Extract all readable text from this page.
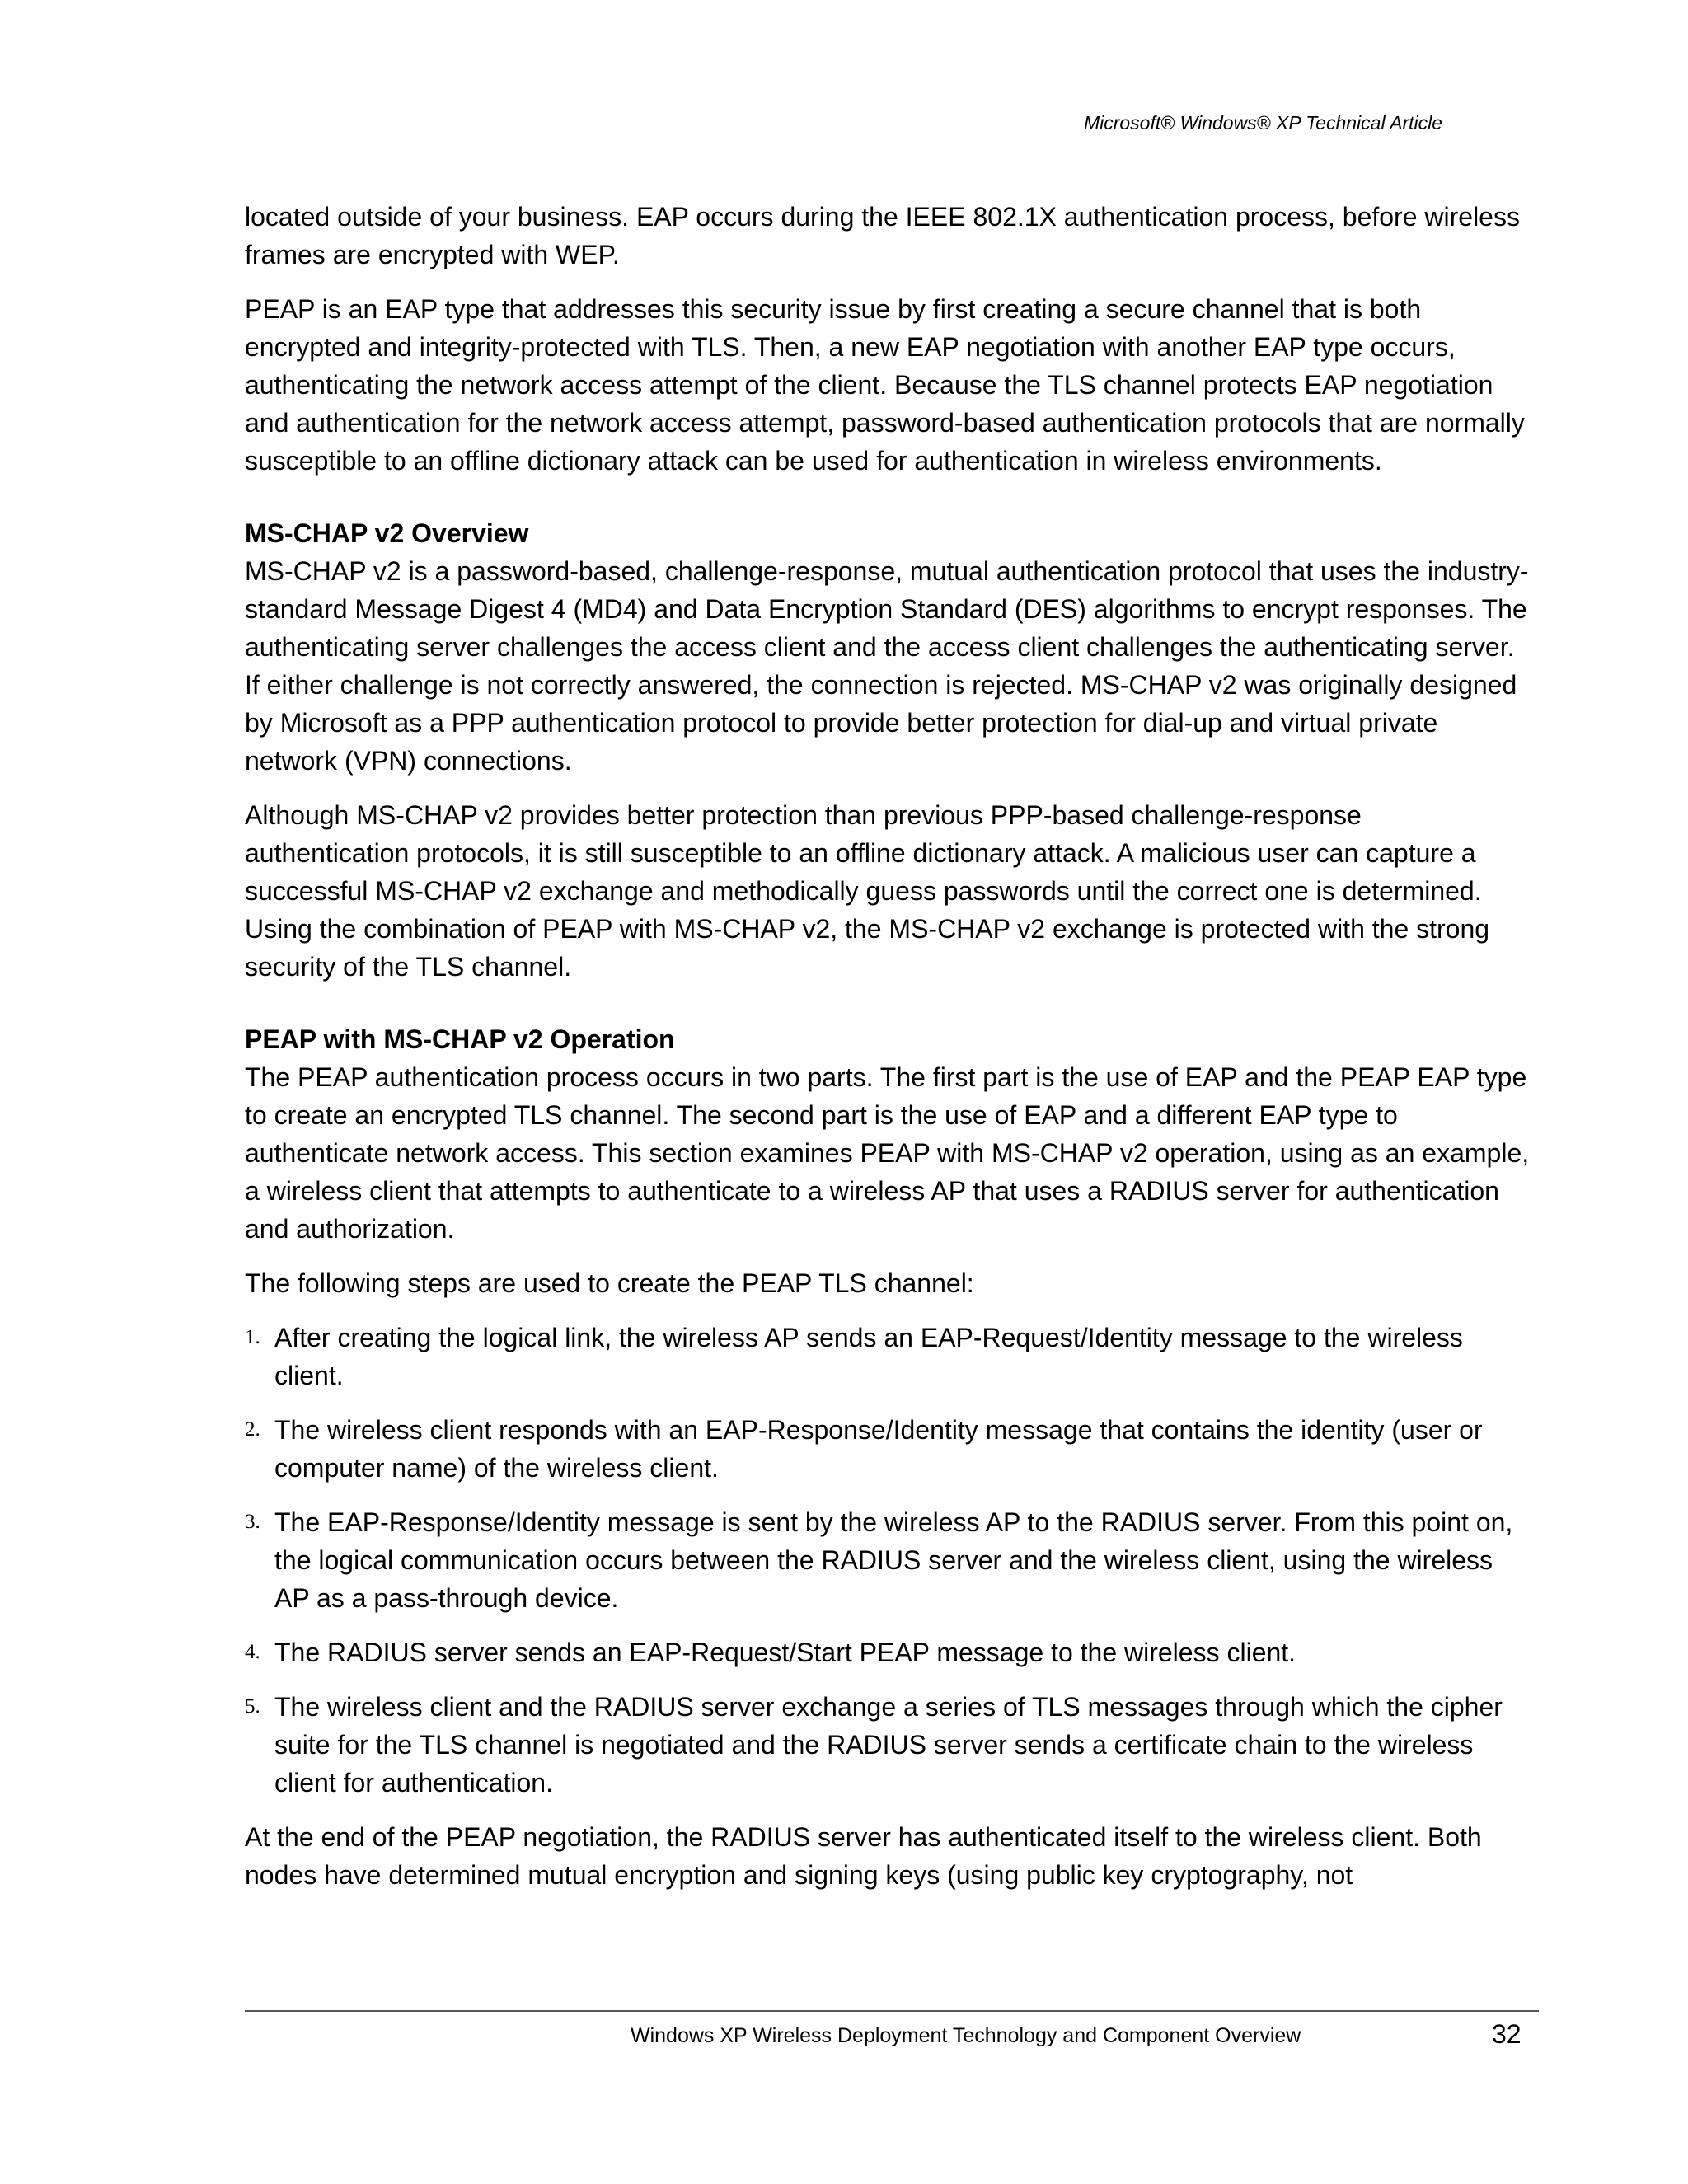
Microsoft® Windows® XP Technical Article

located outside of your business. EAP occurs during the IEEE 802.1X authentication process, before wireless frames are encrypted with WEP.

PEAP is an EAP type that addresses this security issue by first creating a secure channel that is both encrypted and integrity-protected with TLS. Then, a new EAP negotiation with another EAP type occurs, authenticating the network access attempt of the client. Because the TLS channel protects EAP negotiation and authentication for the network access attempt, password-based authentication protocols that are normally susceptible to an offline dictionary attack can be used for authentication in wireless environments.

MS-CHAP v2 Overview

MS-CHAP v2 is a password-based, challenge-response, mutual authentication protocol that uses the industry-standard Message Digest 4 (MD4) and Data Encryption Standard (DES) algorithms to encrypt responses. The authenticating server challenges the access client and the access client challenges the authenticating server. If either challenge is not correctly answered, the connection is rejected. MS-CHAP v2 was originally designed by Microsoft as a PPP authentication protocol to provide better protection for dial-up and virtual private network (VPN) connections.

Although MS-CHAP v2 provides better protection than previous PPP-based challenge-response authentication protocols, it is still susceptible to an offline dictionary attack. A malicious user can capture a successful MS-CHAP v2 exchange and methodically guess passwords until the correct one is determined. Using the combination of PEAP with MS-CHAP v2, the MS-CHAP v2 exchange is protected with the strong security of the TLS channel.

PEAP with MS-CHAP v2 Operation

The PEAP authentication process occurs in two parts. The first part is the use of EAP and the PEAP EAP type to create an encrypted TLS channel. The second part is the use of EAP and a different EAP type to authenticate network access. This section examines PEAP with MS-CHAP v2 operation, using as an example, a wireless client that attempts to authenticate to a wireless AP that uses a RADIUS server for authentication and authorization.

The following steps are used to create the PEAP TLS channel:

1. After creating the logical link, the wireless AP sends an EAP-Request/Identity message to the wireless client.
2. The wireless client responds with an EAP-Response/Identity message that contains the identity (user or computer name) of the wireless client.
3. The EAP-Response/Identity message is sent by the wireless AP to the RADIUS server. From this point on, the logical communication occurs between the RADIUS server and the wireless client, using the wireless AP as a pass-through device.
4. The RADIUS server sends an EAP-Request/Start PEAP message to the wireless client.
5. The wireless client and the RADIUS server exchange a series of TLS messages through which the cipher suite for the TLS channel is negotiated and the RADIUS server sends a certificate chain to the wireless client for authentication.

At the end of the PEAP negotiation, the RADIUS server has authenticated itself to the wireless client. Both nodes have determined mutual encryption and signing keys (using public key cryptography, not

Windows XP Wireless Deployment Technology and Component Overview	32
